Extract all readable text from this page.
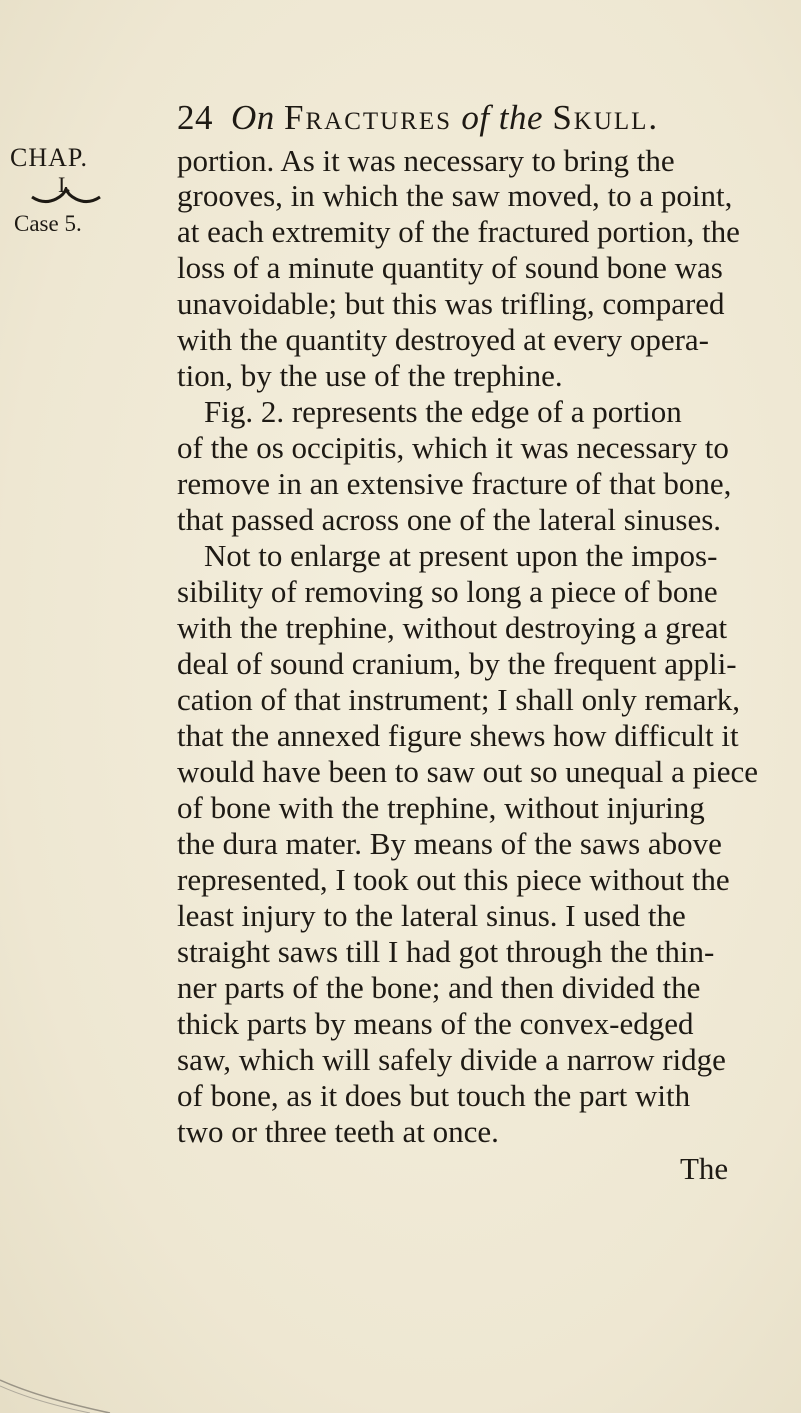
24 On Fractures of the Skull.
CHAP.
I.
Case 5.
portion. As it was necessary to bring the
grooves, in which the saw moved, to a point,
at each extremity of the fractured portion, the
loss of a minute quantity of sound bone was
unavoidable; but this was trifling, compared
with the quantity destroyed at every opera-
tion, by the use of the trephine.
Fig. 2. represents the edge of a portion
of the os occipitis, which it was necessary to
remove in an extensive fracture of that bone,
that passed across one of the lateral sinuses.
Not to enlarge at present upon the impos-
sibility of removing so long a piece of bone
with the trephine, without destroying a great
deal of sound cranium, by the frequent appli-
cation of that instrument; I shall only remark,
that the annexed figure shews how difficult it
would have been to saw out so unequal a piece
of bone with the trephine, without injuring
the dura mater. By means of the saws above
represented, I took out this piece without the
least injury to the lateral sinus. I used the
straight saws till I had got through the thin-
ner parts of the bone; and then divided the
thick parts by means of the convex-edged
saw, which will safely divide a narrow ridge
of bone, as it does but touch the part with
two or three teeth at once.
The
